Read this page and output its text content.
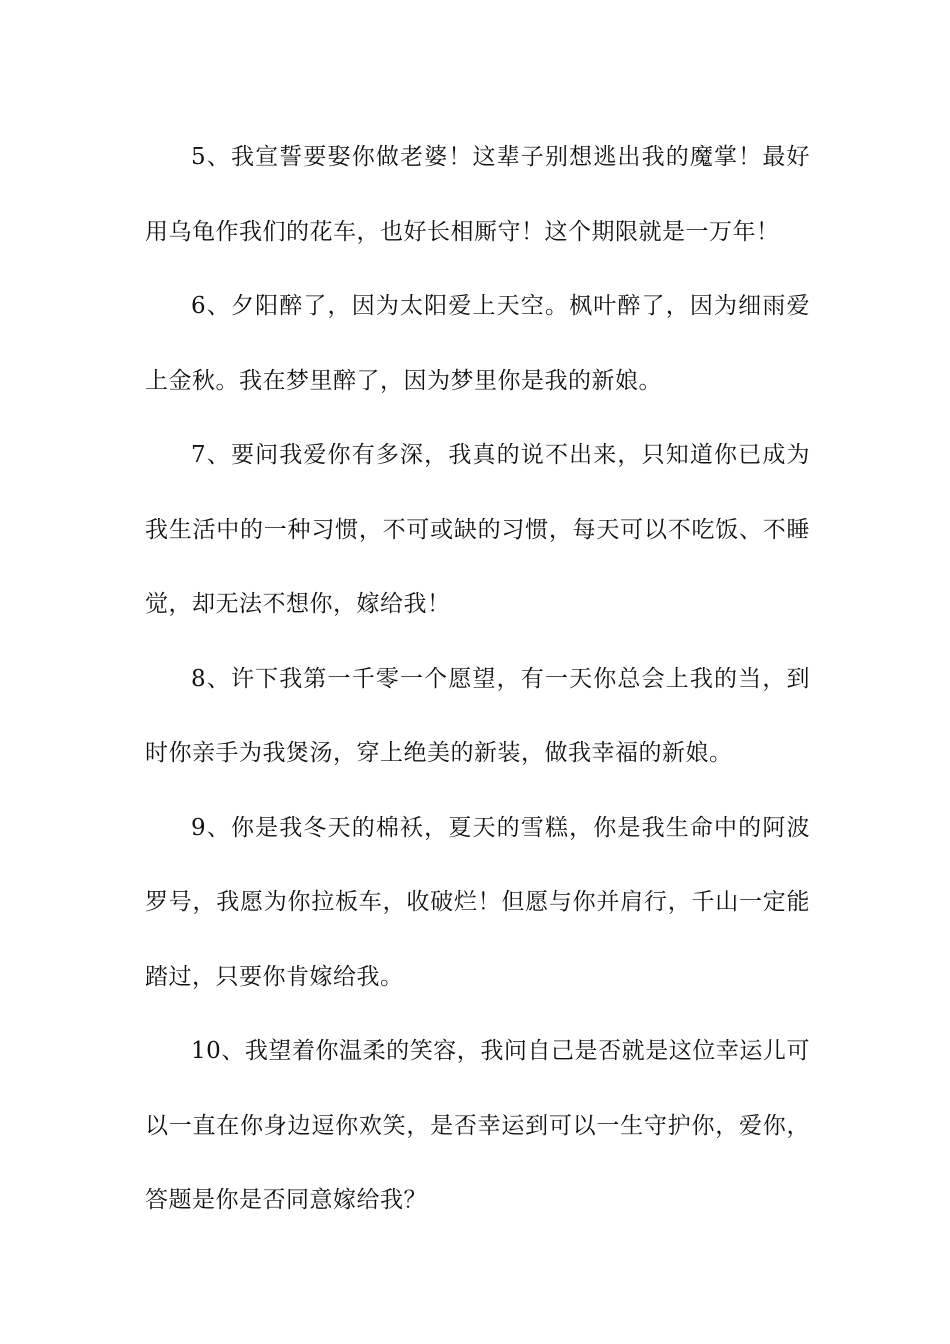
5、我宣誓要娶你做老婆！这辈子别想逃出我的魔掌！最好用乌龟作我们的花车，也好长相厮守！这个期限就是一万年！

6、夕阳醉了，因为太阳爱上天空。枫叶醉了，因为细雨爱上金秋。我在梦里醉了，因为梦里你是我的新娘。

7、要问我爱你有多深，我真的说不出来，只知道你已成为我生活中的一种习惯，不可或缺的习惯，每天可以不吃饭、不睡觉，却无法不想你，嫁给我！

8、许下我第一千零一个愿望，有一天你总会上我的当，到时你亲手为我煲汤，穿上绝美的新装，做我幸福的新娘。

9、你是我冬天的棉袄，夏天的雪糕，你是我生命中的阿波罗号，我愿为你拉板车，收破烂！但愿与你并肩行，千山一定能踏过，只要你肯嫁给我。

10、我望着你温柔的笑容，我问自己是否就是这位幸运儿可以一直在你身边逗你欢笑，是否幸运到可以一生守护你，爱你，答题是你是否同意嫁给我？
